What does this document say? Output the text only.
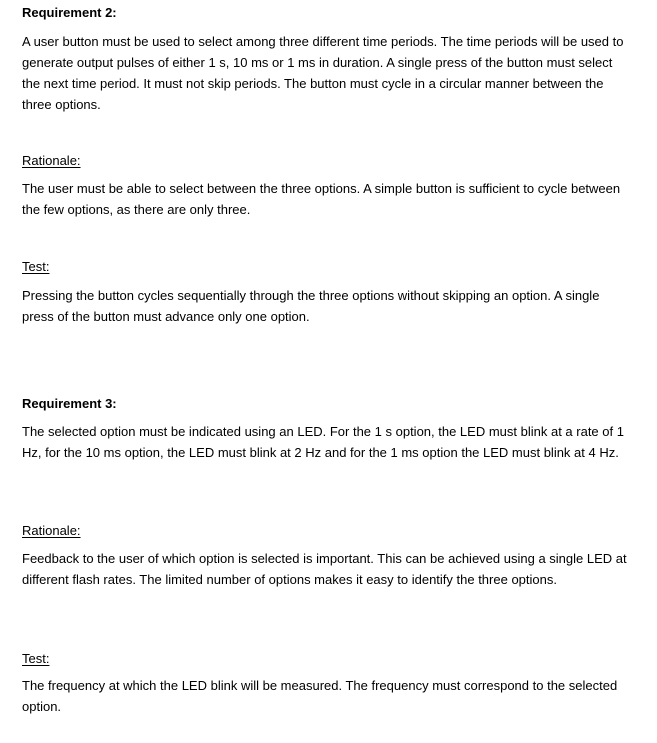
Requirement 2:

A user button must be used to select among three different time periods. The time periods will be used to generate output pulses of either 1 s, 10 ms or 1 ms in duration. A single press of the button must select the next time period. It must not skip periods. The button must cycle in a circular manner between the three options.

Rationale:

The user must be able to select between the three options. A simple button is sufficient to cycle between the few options, as there are only three.

Test:

Pressing the button cycles sequentially through the three options without skipping an option. A single press of the button must advance only one option.

Requirement 3:

The selected option must be indicated using an LED. For the 1 s option, the LED must blink at a rate of 1 Hz, for the 10 ms option, the LED must blink at 2 Hz and for the 1 ms option the LED must blink at 4 Hz.

Rationale:

Feedback to the user of which option is selected is important. This can be achieved using a single LED at different flash rates. The limited number of options makes it easy to identify the three options.

Test:

The frequency at which the LED blink will be measured. The frequency must correspond to the selected option.
